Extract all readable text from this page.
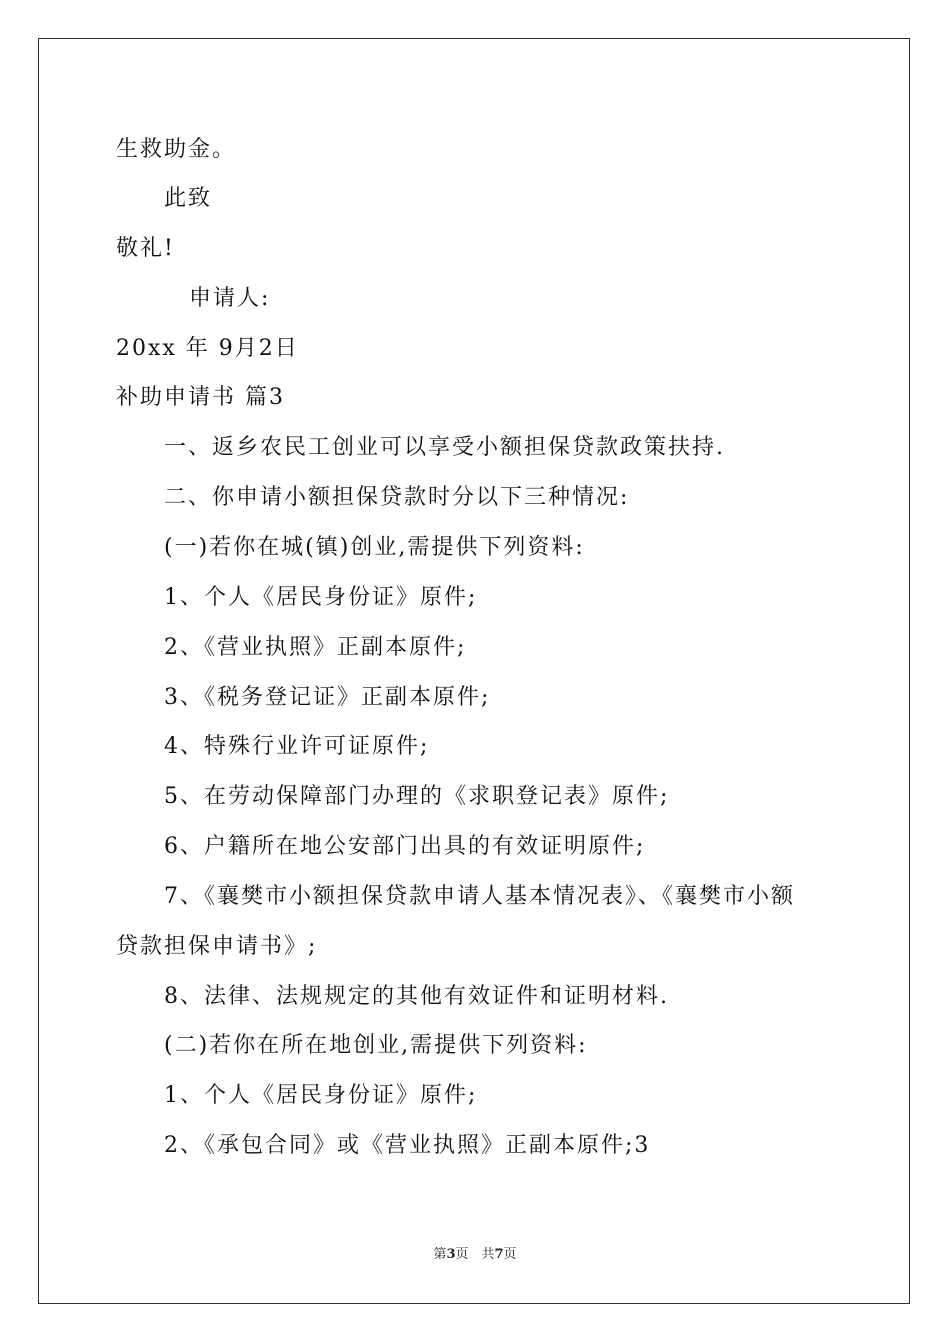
生救助金。
此致
敬礼!
申请人:
20xx 年 9月2日
补助申请书 篇3
一、返乡农民工创业可以享受小额担保贷款政策扶持.
二、你申请小额担保贷款时分以下三种情况:
(一)若你在城(镇)创业,需提供下列资料:
1、个人《居民身份证》原件;
2、《营业执照》正副本原件;
3、《税务登记证》正副本原件;
4、特殊行业许可证原件;
5、在劳动保障部门办理的《求职登记表》原件;
6、户籍所在地公安部门出具的有效证明原件;
7、《襄樊市小额担保贷款申请人基本情况表》、《襄樊市小额
贷款担保申请书》;
8、法律、法规规定的其他有效证件和证明材料.
(二)若你在所在地创业,需提供下列资料:
1、个人《居民身份证》原件;
2、《承包合同》或《营业执照》正副本原件;3
第3页　共7页
